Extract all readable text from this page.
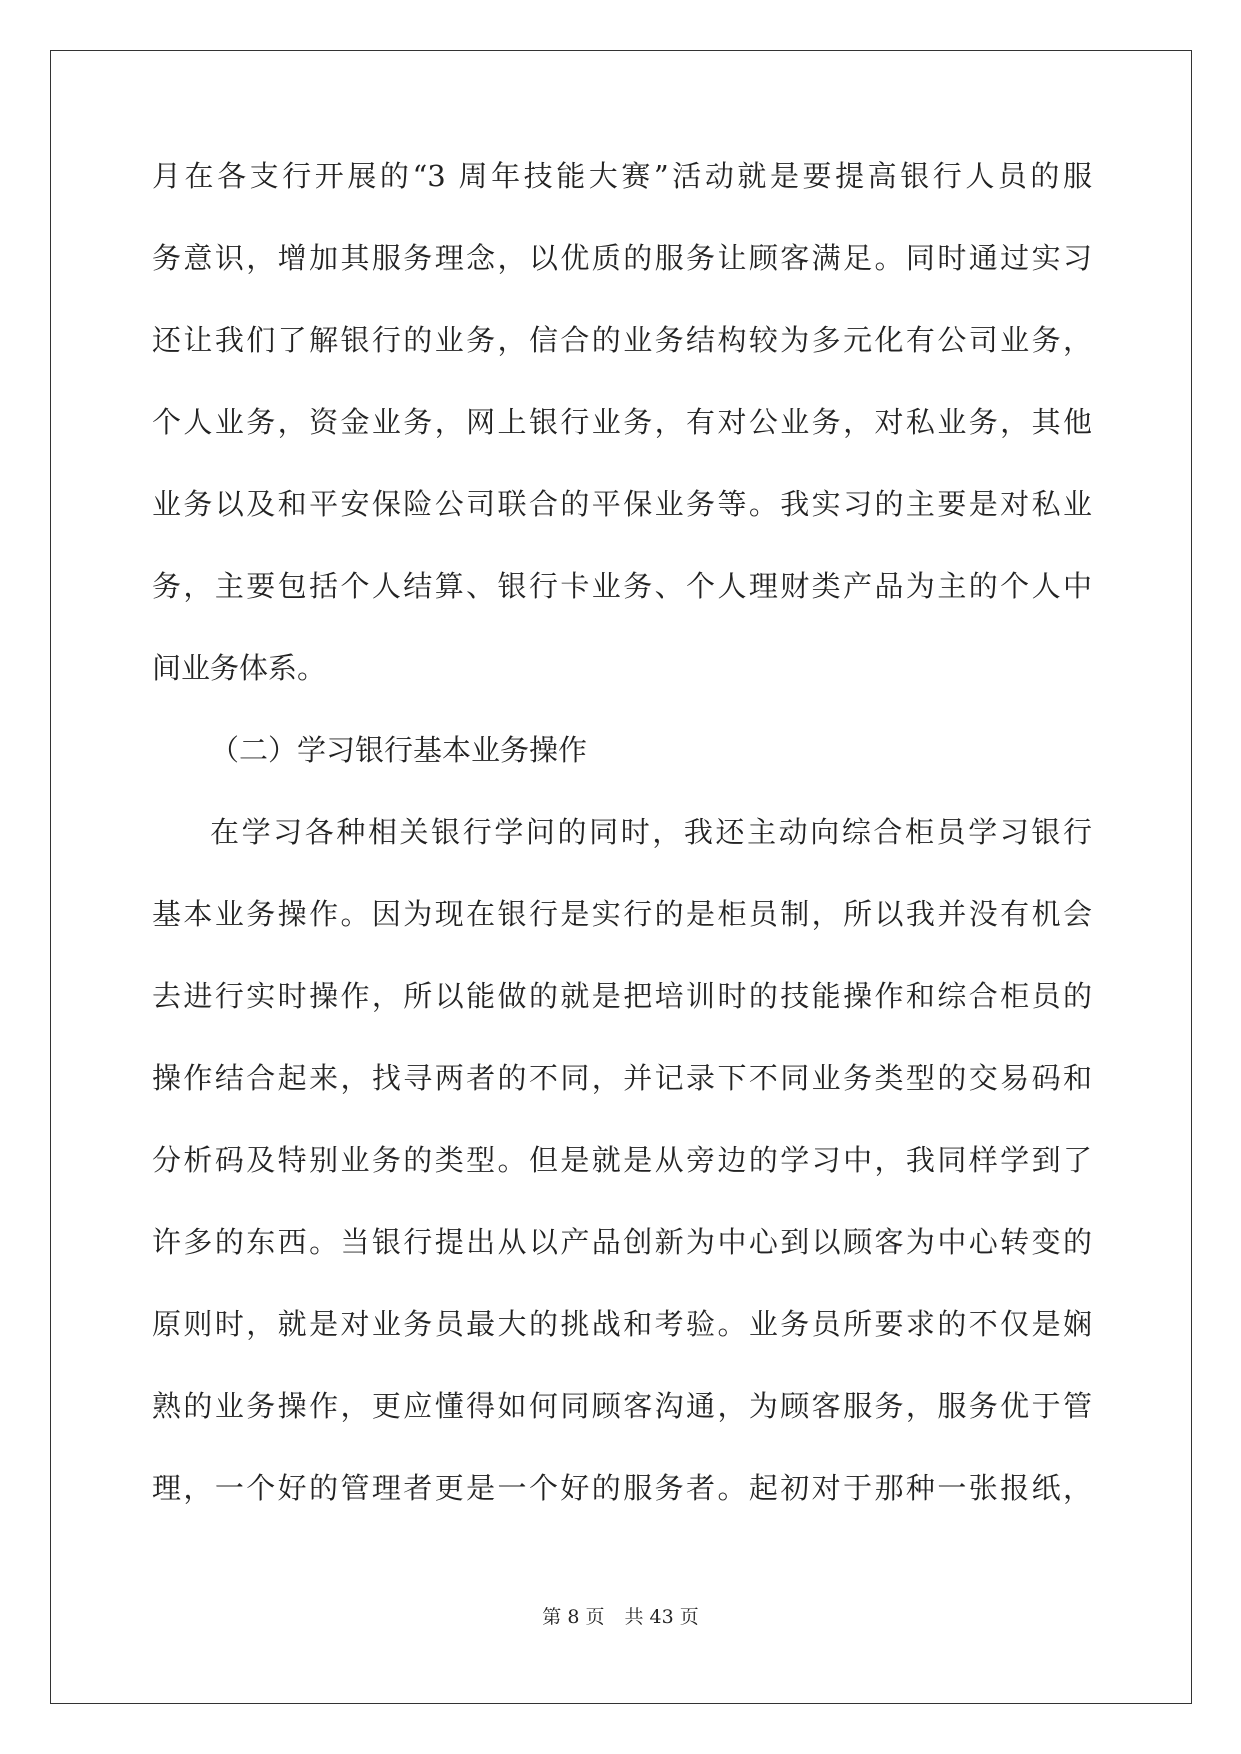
月在各支行开展的“3 周年技能大赛”活动就是要提高银行人员的服
务意识，增加其服务理念，以优质的服务让顾客满足。同时通过实习
还让我们了解银行的业务，信合的业务结构较为多元化有公司业务，
个人业务，资金业务，网上银行业务，有对公业务，对私业务，其他
业务以及和平安保险公司联合的平保业务等。我实习的主要是对私业
务，主要包括个人结算、银行卡业务、个人理财类产品为主的个人中
间业务体系。
（二）学习银行基本业务操作
在学习各种相关银行学问的同时，我还主动向综合柜员学习银行
基本业务操作。因为现在银行是实行的是柜员制，所以我并没有机会
去进行实时操作，所以能做的就是把培训时的技能操作和综合柜员的
操作结合起来，找寻两者的不同，并记录下不同业务类型的交易码和
分析码及特别业务的类型。但是就是从旁边的学习中，我同样学到了
许多的东西。当银行提出从以产品创新为中心到以顾客为中心转变的
原则时，就是对业务员最大的挑战和考验。业务员所要求的不仅是娴
熟的业务操作，更应懂得如何同顾客沟通，为顾客服务，服务优于管
理，一个好的管理者更是一个好的服务者。起初对于那种一张报纸，
第 8 页 共 43 页
